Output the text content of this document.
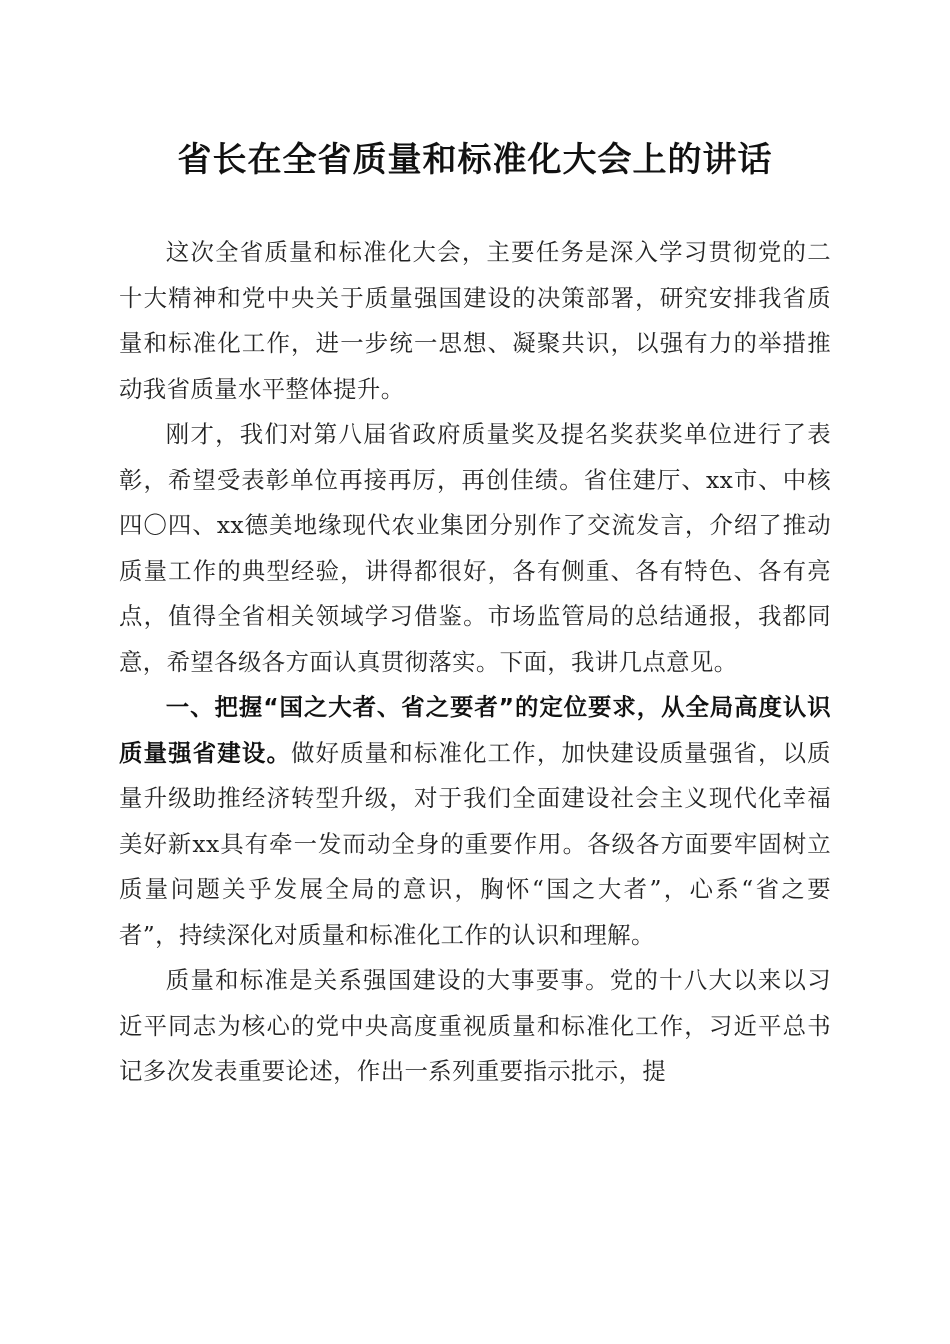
省长在全省质量和标准化大会上的讲话

这次全省质量和标准化大会，主要任务是深入学习贯彻党的二十大精神和党中央关于质量强国建设的决策部署，研究安排我省质量和标准化工作，进一步统一思想、凝聚共识，以强有力的举措推动我省质量水平整体提升。

刚才，我们对第八届省政府质量奖及提名奖获奖单位进行了表彰，希望受表彰单位再接再厉，再创佳绩。省住建厅、xx市、中核四〇四、xx德美地缘现代农业集团分别作了交流发言，介绍了推动质量工作的典型经验，讲得都很好，各有侧重、各有特色、各有亮点，值得全省相关领域学习借鉴。市场监管局的总结通报，我都同意，希望各级各方面认真贯彻落实。下面，我讲几点意见。

一、把握“国之大者、省之要者”的定位要求，从全局高度认识质量强省建设。做好质量和标准化工作，加快建设质量强省，以质量升级助推经济转型升级，对于我们全面建设社会主义现代化幸福美好新xx具有牵一发而动全身的重要作用。各级各方面要牢固树立质量问题关乎发展全局的意识，胸怀“国之大者”，心系“省之要者”，持续深化对质量和标准化工作的认识和理解。

质量和标准是关系强国建设的大事要事。党的十八大以来以习近平同志为核心的党中央高度重视质量和标准化工作，习近平总书记多次发表重要论述，作出一系列重要指示批示，提
